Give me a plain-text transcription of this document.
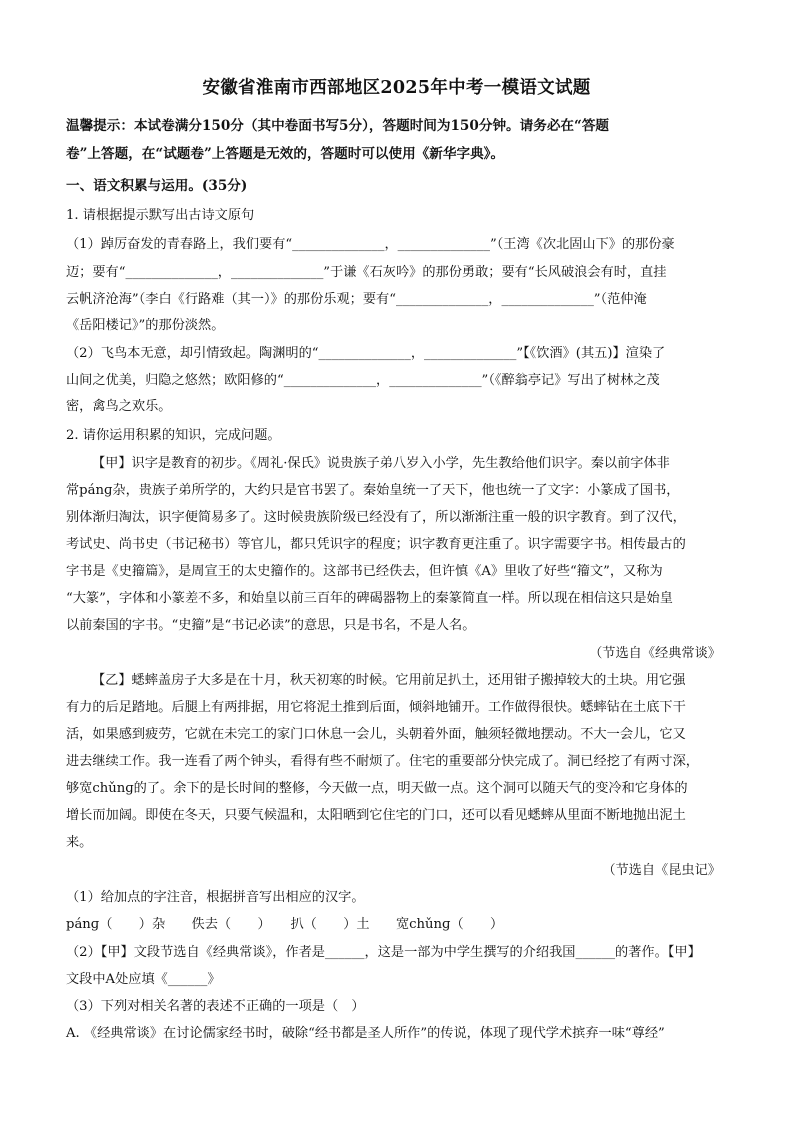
安徽省淮南市西部地区2025年中考一模语文试题
温馨提示：本试卷满分150分（其中卷面书写5分），答题时间为150分钟。请务必在“答题
卷”上答题，在“试题卷”上答题是无效的，答题时可以使用《新华字典》。
一、语文积累与运用。(35分)
1. 请根据提示默写出古诗文原句
（1）踔厉奋发的青春路上，我们要有“______________，______________”（王湾《次北固山下》的那份豪
迈；要有“______________，______________”于谦《石灰吟》的那份勇敢；要有“长风破浪会有时，直挂
云帆济沧海”（李白《行路难（其一）》的那份乐观；要有“______________，______________”（范仲淹
《岳阳楼记》”的那份淡然。
（2）飞鸟本无意，却引情致起。陶渊明的“______________，______________”【《饮酒》(其五)】渲染了
山间之优美，归隐之悠然；欧阳修的“______________，______________”（《醉翁亭记》写出了树林之茂
密，禽鸟之欢乐。
2. 请你运用积累的知识，完成问题。
【甲】识字是教育的初步。《周礼·保氏》说贵族子弟八岁入小学，先生教给他们识字。秦以前字体非
常pánɡ杂，贵族子弟所学的，大约只是官书罢了。秦始皇统一了天下，他也统一了文字：小篆成了国书，
别体渐归淘汰，识字便简易多了。这时候贵族阶级已经没有了，所以渐渐注重一般的识字教育。到了汉代，
考试史、尚书史（书记秘书）等官儿，都只凭识字的程度；识字教育更注重了。识字需要字书。相传最古的
字书是《史籀篇》，是周宣王的太史籀作的。这部书已经佚去，但许慎《A》里收了好些“籀文”，又称为
“大篆”，字体和小篆差不多，和始皇以前三百年的碑碣器物上的秦篆简直一样。所以现在相信这只是始皇
以前秦国的字书。“史籀”是“书记必读”的意思，只是书名，不是人名。
（节选自《经典常谈》
【乙】蟋蟀盖房子大多是在十月，秋天初寒的时候。它用前足扒土，还用钳子搬掉较大的土块。用它强
有力的后足踏地。后腿上有两排据，用它将泥土推到后面，倾斜地铺开。工作做得很快。蟋蟀钻在土底下干
活，如果感到疲劳，它就在未完工的家门口休息一会儿，头朝着外面，触须轻微地摆动。不大一会儿，它又
进去继续工作。我一连看了两个钟头，看得有些不耐烦了。住宅的重要部分快完成了。洞已经挖了有两寸深，
够宽chǔnɡ的了。余下的是长时间的整修，今天做一点，明天做一点。这个洞可以随天气的变冷和它身体的
增长而加阔。即使在冬天，只要气候温和，太阳晒到它住宅的门口，还可以看见蟋蟀从里面不断地抛出泥土
来。
（节选自《昆虫记》
（1）给加点的字注音，根据拼音写出相应的汉字。
pánɡ（　　）杂　　佚去（　　）　　扒（　　）土　　宽chǔnɡ（　　）
（2）【甲】文段节选自《经典常谈》，作者是______，这是一部为中学生撰写的介绍我国______的著作。【甲】
文段中A处应填《______》
（3）下列对相关名著的表述不正确的一项是（　）
A. 《经典常谈》在讨论儒家经书时，破除“经书都是圣人所作”的传说，体现了现代学术摈弃一味“尊经”
